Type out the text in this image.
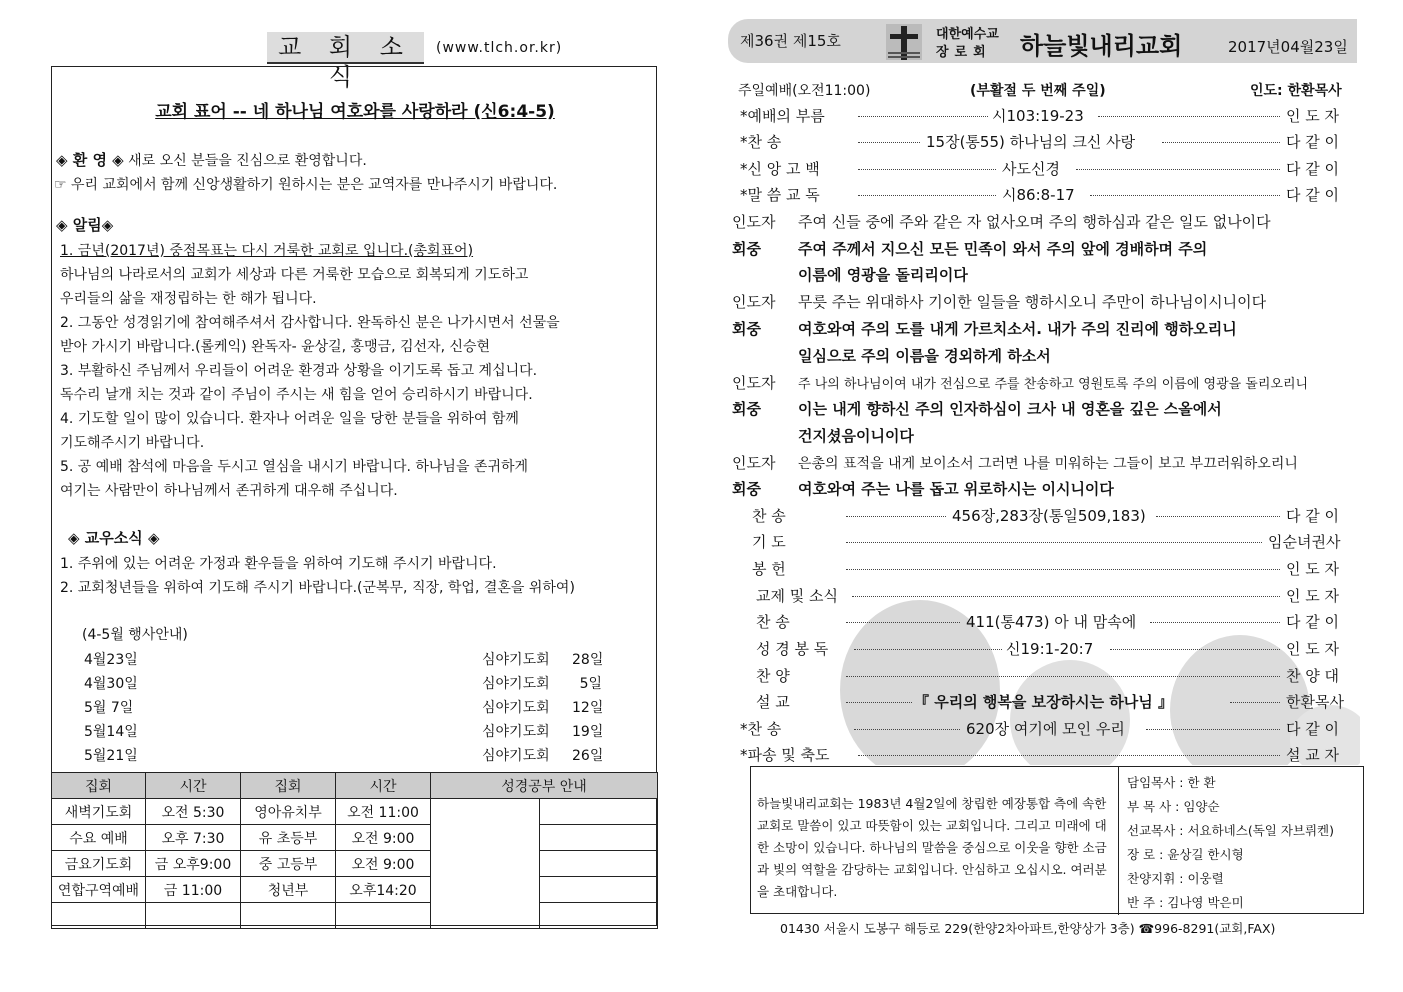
교 회 소 식
(www.tlch.or.kr)
교회 표어 -- 네 하나님 여호와를 사랑하라 (신6:4-5)
◈ 환 영 ◈ 새로 오신 분들을 진심으로 환영합니다.
☞ 우리 교회에서 함께 신앙생활하기 원하시는 분은 교역자를 만나주시기 바랍니다.
◈ 알림◈
1. 금년(2017년) 중점목표는 다시 거룩한 교회로 입니다.(총회표어)
하나님의 나라로서의 교회가 세상과 다른 거룩한 모습으로 회복되게 기도하고
우리들의 삶을 재정립하는 한 해가 됩니다.
2. 그동안 성경읽기에 참여해주셔서 감사합니다. 완독하신 분은 나가시면서 선물을
받아 가시기 바랍니다.(롤케익) 완독자- 윤상길, 홍맹금, 김선자, 신승현
3. 부활하신 주님께서 우리들이 어려운 환경과 상황을 이기도록 돕고 계십니다.
독수리 날개 치는 것과 같이 주님이 주시는 새 힘을 얻어 승리하시기 바랍니다.
4. 기도할 일이 많이 있습니다. 환자나 어려운 일을 당한 분들을 위하여 함께
기도해주시기 바랍니다.
5. 공 예배 참석에 마음을 두시고 열심을 내시기 바랍니다. 하나님을 존귀하게
여기는 사람만이 하나님께서 존귀하게 대우해 주십니다.
◈ 교우소식 ◈
1. 주위에 있는 어려운 가정과 환우들을 위하여 기도해 주시기 바랍니다.
2. 교회청년들을 위하여 기도해 주시기 바랍니다.(군복무, 직장, 학업, 결혼을 위하여)
(4-5월 행사안내)
4월23일	심야기도회 28일
4월30일	심야기도회	5일
5월 7일	심야기도회 12일
5월14일	심야기도회 19일
5월21일	심야기도회 26일
집회	시간	집회	시간	성경공부 안내	
새벽기도회	오전 5:30	영아유치부	오전 11:00		
수요 예배	오후 7:30	유 초등부	오전 9:00		
금요기도회	금 오후9:00	중 고등부	오전 9:00		
연합구역예배	금 11:00	청년부	오후14:20		

제36권 제15호	대한예수교
장로회 하늘빛내리교회	2017년04월23일
주일예배(오전11:00)	(부활절 두 번째 주일)	인도: 한환목사
*예배의 부름	시103:19-23	인 도 자
*찬 송	15장(통55) 하나님의 크신 사랑	다 같 이
*신 앙 고 백	사도신경	다 같 이
*말 씀 교 독	시86:8-17	다 같 이
인도자 주여 신들 중에 주와 같은 자 없사오며 주의 행하심과 같은 일도 없나이다
회중 주여 주께서 지으신 모든 민족이 와서 주의 앞에 경배하며 주의
이름에 영광을 돌리리이다
인도자 무릇 주는 위대하사 기이한 일들을 행하시오니 주만이 하나님이시니이다
회중 여호와여 주의 도를 내게 가르치소서. 내가 주의 진리에 행하오리니
일심으로 주의 이름을 경외하게 하소서
인도자 주 나의 하나님이여 내가 전심으로 주를 찬송하고 영원토록 주의 이름에 영광을 돌리오리니
회중 이는 내게 향하신 주의 인자하심이 크사 내 영혼을 깊은 스올에서
건지셨음이니이다
인도자 은총의 표적을 내게 보이소서 그러면 나를 미워하는 그들이 보고 부끄러워하오리니
회중 여호와여 주는 나를 돕고 위로하시는 이시니이다
찬 송	456장,283장(통일509,183)	다 같 이
기 도	임순녀권사
봉 헌	인 도 자
교제 및 소식	인 도 자
찬 송	411(통473) 아 내 맘속에	다 같 이
성 경 봉 독	신19:1-20:7	인 도 자
찬 양	찬 양 대
설 교	『 우리의 행복을 보장하시는 하나님 』	한환목사
*찬 송	620장 여기에 모인 우리	다 같 이
*파송 및 축도	설 교 자
하늘빛내리교회는 1983년 4월2일에 창립한 예장통합 측에 속한 교회로 말씀이 있고 따뜻함이 있는 교회입니다. 그리고 미래에 대한 소망이 있습니다. 하나님의 말씀을 중심으로 이웃을 향한 소금과 빛의 역할을 감당하는 교회입니다. 안심하고 오십시오. 여러분을 초대합니다.
담임목사 : 한 환
부 목 사 : 임양순
선교목사 : 서요하네스(독일 자브뤼켄)
장 로 : 윤상길 한시형
찬양지휘 : 이웅렬
반 주 : 김나영 박은미
01430 서울시 도봉구 해등로 229(한양2차아파트,한양상가 3층) ☎996-8291(교회,FAX)
